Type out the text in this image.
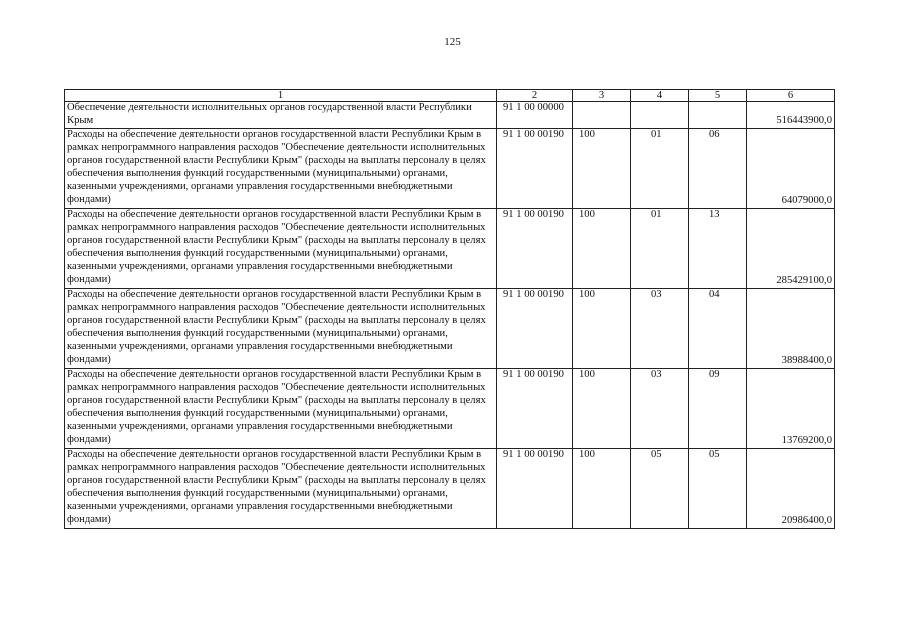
125
1	2	3	4	5	6
Обеспечение деятельности исполнительных органов государственной власти Республики Крым	91 1 00 00000				516443900,0
Расходы на обеспечение деятельности органов государственной власти Республики Крым в рамках непрограммного направления расходов "Обеспечение деятельности исполнительных органов государственной власти Республики Крым" (расходы на выплаты персоналу в целях обеспечения выполнения функций государственными (муниципальными) органами, казенными учреждениями, органами управления государственными внебюджетными фондами)	91 1 00 00190	100	01	06	64079000,0
Расходы на обеспечение деятельности органов государственной власти Республики Крым в рамках непрограммного направления расходов "Обеспечение деятельности исполнительных органов государственной власти Республики Крым" (расходы на выплаты персоналу в целях обеспечения выполнения функций государственными (муниципальными) органами, казенными учреждениями, органами управления государственными внебюджетными фондами)	91 1 00 00190	100	01	13	285429100,0
Расходы на обеспечение деятельности органов государственной власти Республики Крым в рамках непрограммного направления расходов "Обеспечение деятельности исполнительных органов государственной власти Республики Крым" (расходы на выплаты персоналу в целях обеспечения выполнения функций государственными (муниципальными) органами, казенными учреждениями, органами управления государственными внебюджетными фондами)	91 1 00 00190	100	03	04	38988400,0
Расходы на обеспечение деятельности органов государственной власти Республики Крым в рамках непрограммного направления расходов "Обеспечение деятельности исполнительных органов государственной власти Республики Крым" (расходы на выплаты персоналу в целях обеспечения выполнения функций государственными (муниципальными) органами, казенными учреждениями, органами управления государственными внебюджетными фондами)	91 1 00 00190	100	03	09	13769200,0
Расходы на обеспечение деятельности органов государственной власти Республики Крым в рамках непрограммного направления расходов "Обеспечение деятельности исполнительных органов государственной власти Республики Крым" (расходы на выплаты персоналу в целях обеспечения выполнения функций государственными (муниципальными) органами, казенными учреждениями, органами управления государственными внебюджетными фондами)	91 1 00 00190	100	05	05	20986400,0
